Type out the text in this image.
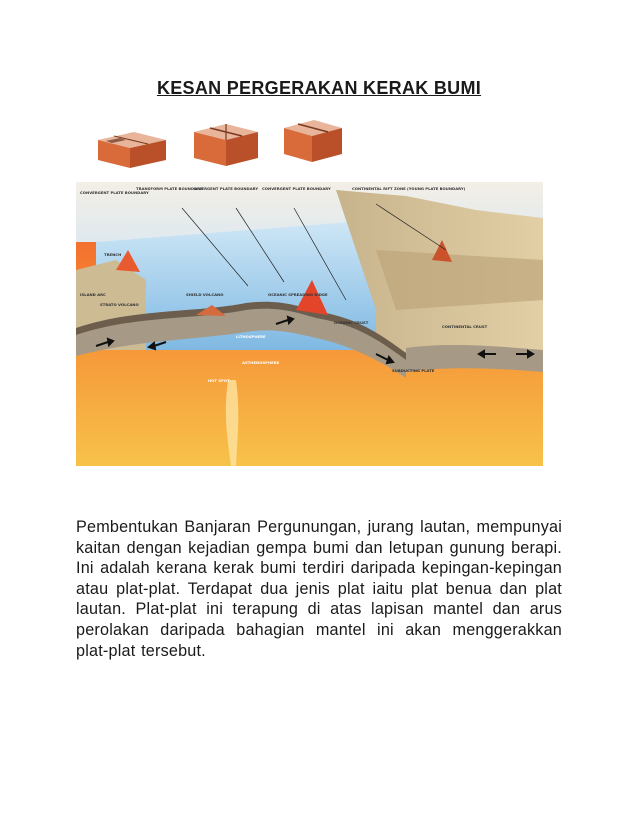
KESAN PERGERAKAN KERAK BUMI
CONVERGENT PLATE BOUNDARY
TRANSFORM PLATE BOUNDARY
DIVERGENT PLATE BOUNDARY CONVERGENT PLATE BOUNDARY	CONTINENTAL RIFT ZONE (YOUNG PLATE BOUNDARY)
TRENCH
ISLAND ARC
STRATO VOLCANO
SHIELD VOLCANO	OCEANIC SPREADING RIDGE
OCEANIC CRUST
CONTINENTAL CRUST
LITHOSPHERE
ASTHENOSPHERE
HOT SPOT
SUBDUCTING PLATE
Pembentukan Banjaran Pergunungan, jurang lautan, mempunyai kaitan dengan kejadian gempa bumi dan letupan gunung berapi. Ini adalah kerana kerak bumi terdiri daripada kepingan-kepingan atau plat-plat. Terdapat dua jenis plat iaitu plat benua dan plat lautan. Plat-plat ini terapung di atas lapisan mantel dan arus perolakan daripada bahagian mantel ini akan menggerakkan plat-plat tersebut.
